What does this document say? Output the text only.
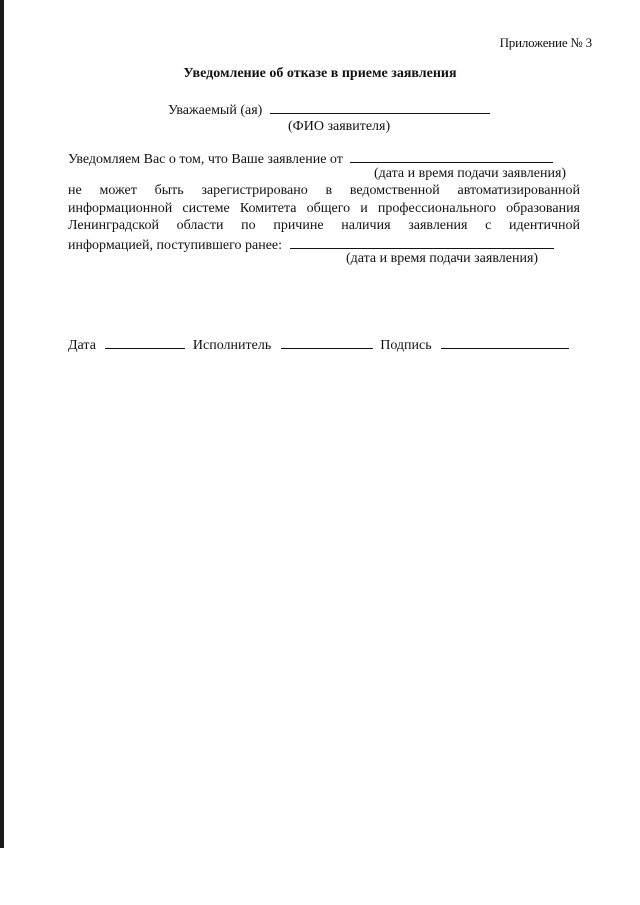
Приложение № 3
Уведомление об отказе в приеме заявления
Уважаемый (ая)
(ФИО заявителя)
Уведомляем Вас о том, что Ваше заявление от
(дата и время подачи заявления)
не может быть зарегистрировано в ведомственной автоматизированной
информационной системе Комитета общего и профессионального образования
Ленинградской области по причине наличия заявления с идентичной
информацией, поступившего ранее:
(дата и время подачи заявления)
Дата	Исполнитель	Подпись
